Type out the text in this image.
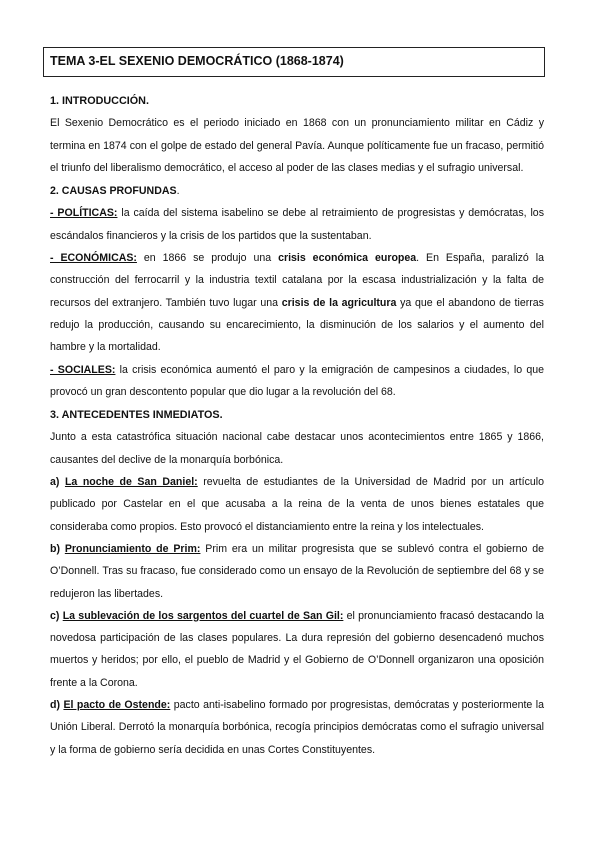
TEMA 3-EL SEXENIO DEMOCRÁTICO (1868-1874)

1. INTRODUCCIÓN.

El Sexenio Democrático es el periodo iniciado en 1868 con un pronunciamiento militar en Cádiz y termina en 1874 con el golpe de estado del general Pavía. Aunque políticamente fue un fracaso, permitió el triunfo del liberalismo democrático, el acceso al poder de las clases medias y el sufragio universal.

2. CAUSAS PROFUNDAS.

- POLÍTICAS: la caída del sistema isabelino se debe al retraimiento de progresistas y demócratas, los escándalos financieros y la crisis de los partidos que la sustentaban.

- ECONÓMICAS: en 1866 se produjo una crisis económica europea. En España, paralizó la construcción del ferrocarril y la industria textil catalana por la escasa industrialización y la falta de recursos del extranjero. También tuvo lugar una crisis de la agricultura ya que el abandono de tierras redujo la producción, causando su encarecimiento, la disminución de los salarios y el aumento del hambre y la mortalidad.

- SOCIALES: la crisis económica aumentó el paro y la emigración de campesinos a ciudades, lo que provocó un gran descontento popular que dio lugar a la revolución del 68.

3. ANTECEDENTES INMEDIATOS.

Junto a esta catastrófica situación nacional cabe destacar unos acontecimientos entre 1865 y 1866, causantes del declive de la monarquía borbónica.

a) La noche de San Daniel: revuelta de estudiantes de la Universidad de Madrid por un artículo publicado por Castelar en el que acusaba a la reina de la venta de unos bienes estatales que consideraba como propios. Esto provocó el distanciamiento entre la reina y los intelectuales.

b) Pronunciamiento de Prim: Prim era un militar progresista que se sublevó contra el gobierno de O’Donnell. Tras su fracaso, fue considerado como un ensayo de la Revolución de septiembre del 68 y se redujeron las libertades.

c) La sublevación de los sargentos del cuartel de San Gil: el pronunciamiento fracasó destacando la novedosa participación de las clases populares. La dura represión del gobierno desencadenó muchos muertos y heridos; por ello, el pueblo de Madrid y el Gobierno de O’Donnell organizaron una oposición frente a la Corona.

d) El pacto de Ostende: pacto anti-isabelino formado por progresistas, demócratas y posteriormente la Unión Liberal. Derrotó la monarquía borbónica, recogía principios demócratas como el sufragio universal y la forma de gobierno sería decidida en unas Cortes Constituyentes.
